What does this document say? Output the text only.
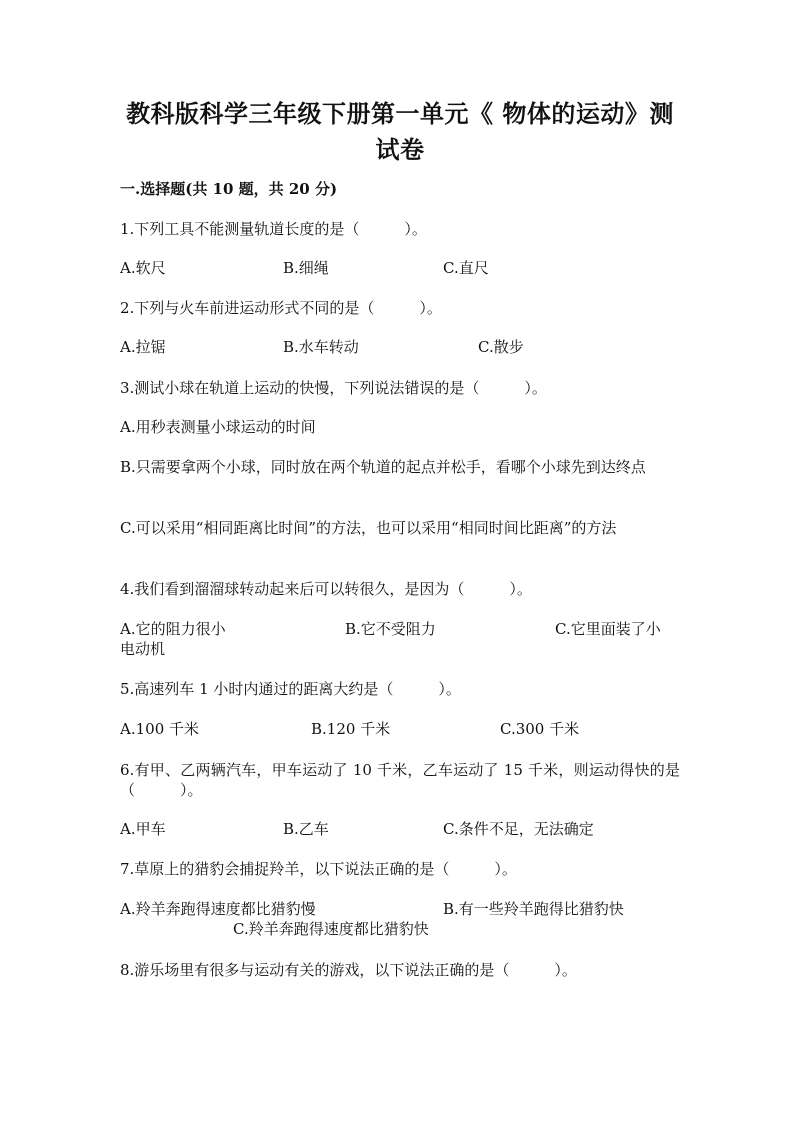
教科版科学三年级下册第一单元《 物体的运动》测
试卷
一.选择题(共 10 题，共 20 分)
1.下列工具不能测量轨道长度的是（　　　）。
A.软尺	B.细绳	C.直尺
2.下列与火车前进运动形式不同的是（　　　）。
A.拉锯	B.水车转动	C.散步
3.测试小球在轨道上运动的快慢，下列说法错误的是（　　　）。
A.用秒表测量小球运动的时间
B.只需要拿两个小球，同时放在两个轨道的起点并松手，看哪个小球先到达终点
C.可以采用“相同距离比时间”的方法，也可以采用“相同时间比距离”的方法
4.我们看到溜溜球转动起来后可以转很久，是因为（　　　）。
A.它的阻力很小	B.它不受阻力	C.它里面装了小
电动机
5.高速列车 1 小时内通过的距离大约是（　　　）。
A.100 千米	B.120 千米	C.300 千米
6.有甲、乙两辆汽车，甲车运动了 10 千米，乙车运动了 15 千米，则运动得快的是（　　　）。
A.甲车	B.乙车	C.条件不足，无法确定
7.草原上的猎豹会捕捉羚羊，以下说法正确的是（　　　）。
A.羚羊奔跑得速度都比猎豹慢	B.有一些羚羊跑得比猎豹快
C.羚羊奔跑得速度都比猎豹快
8.游乐场里有很多与运动有关的游戏，以下说法正确的是（　　　）。
